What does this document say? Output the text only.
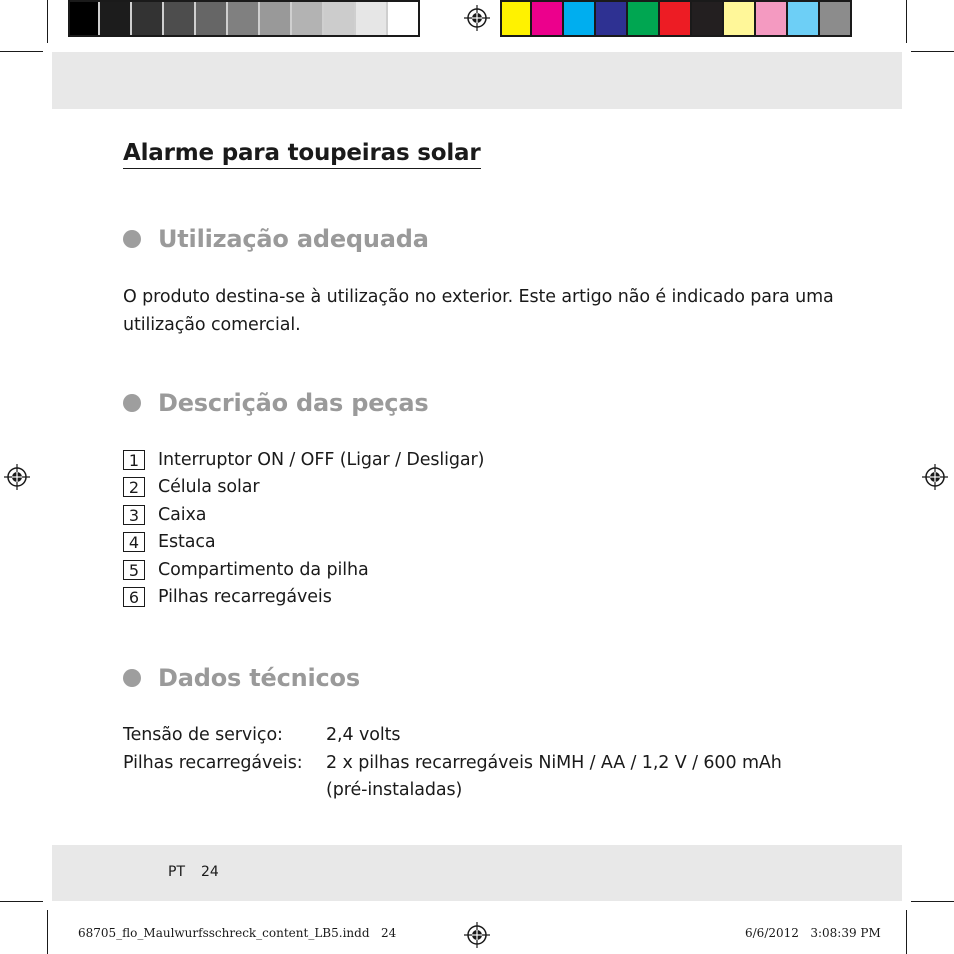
Alarme para toupeiras solar
Utilização adequada
O produto destina-se à utilização no exterior. Este artigo não é indicado para uma utilização comercial.
Descrição das peças
1	Interruptor ON / OFF (Ligar / Desligar)
2	Célula solar
3	Caixa
4	Estaca
5	Compartimento da pilha
6	Pilhas recarregáveis
Dados técnicos
Tensão de serviço:	2,4 volts
Pilhas recarregáveis:	2 x pilhas recarregáveis NiMH / AA / 1,2 V / 600 mAh
(pré-instaladas)
PT 24
68705_flo_Maulwurfsschreck_content_LB5.indd   24	6/6/2012   3:08:39 PM
